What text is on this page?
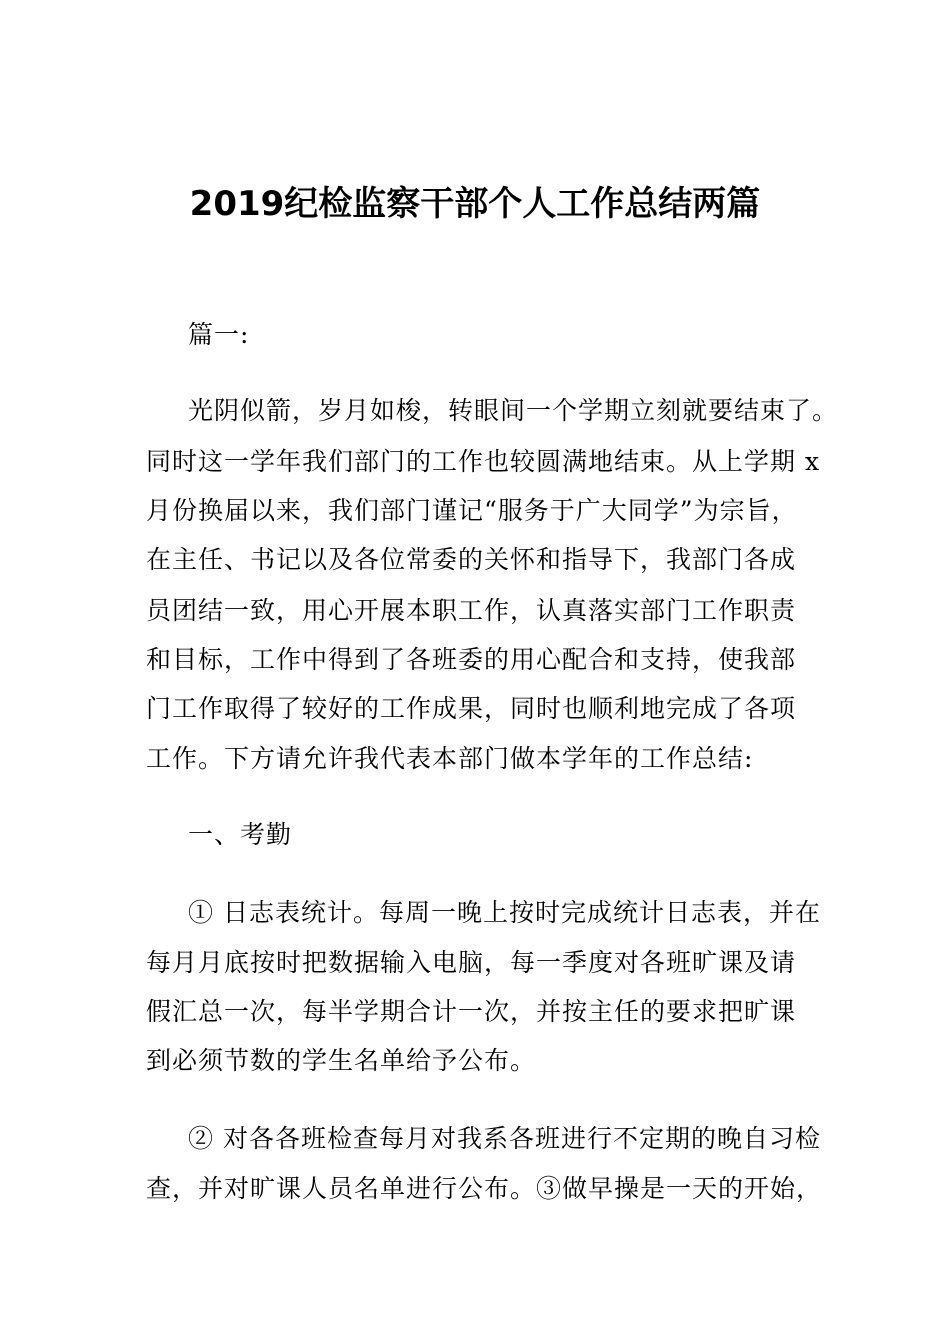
2019纪检监察干部个人工作总结两篇
篇一:
光阴似箭，岁月如梭，转眼间一个学期立刻就要结束了。
同时这一学年我们部门的工作也较圆满地结束。从上学期 x
月份换届以来，我们部门谨记“服务于广大同学”为宗旨，
在主任、书记以及各位常委的关怀和指导下，我部门各成
员团结一致，用心开展本职工作，认真落实部门工作职责
和目标，工作中得到了各班委的用心配合和支持，使我部
门工作取得了较好的工作成果，同时也顺利地完成了各项
工作。下方请允许我代表本部门做本学年的工作总结:
一、考勤
① 日志表统计。每周一晚上按时完成统计日志表，并在
每月月底按时把数据输入电脑，每一季度对各班旷课及请
假汇总一次，每半学期合计一次，并按主任的要求把旷课
到必须节数的学生名单给予公布。
② 对各各班检查每月对我系各班进行不定期的晚自习检
查，并对旷课人员名单进行公布。③做早操是一天的开始，
